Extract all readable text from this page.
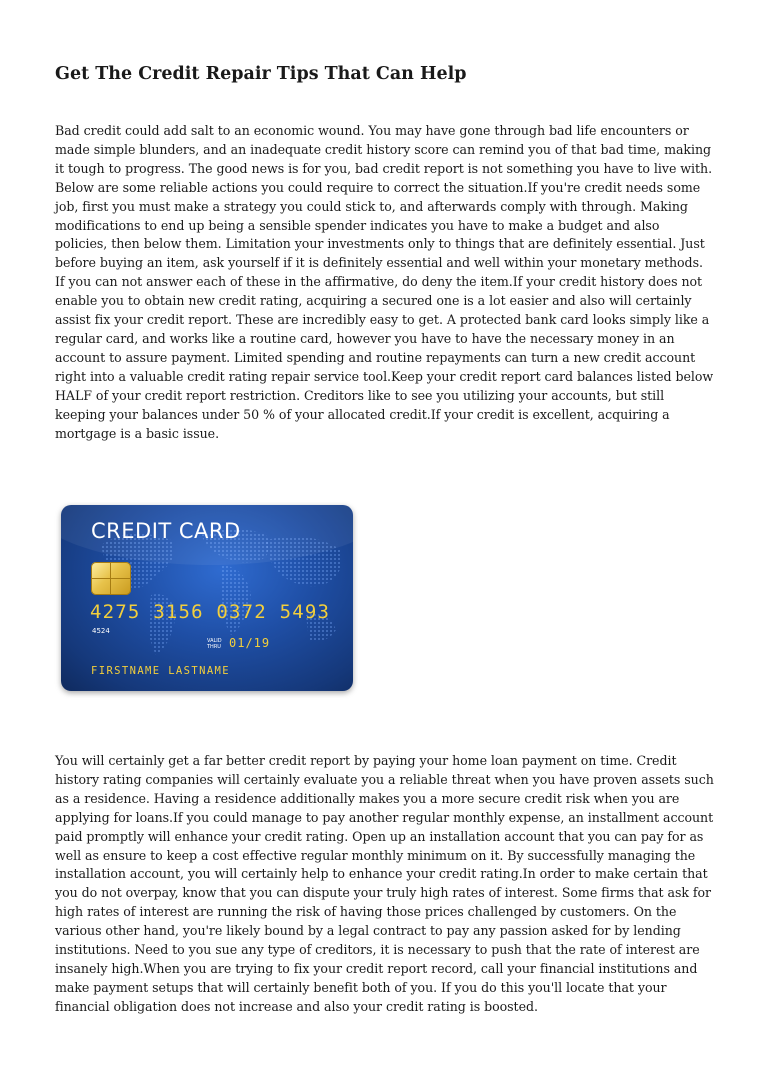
Get The Credit Repair Tips That Can Help

Bad credit could add salt to an economic wound. You may have gone through bad life encounters or made simple blunders, and an inadequate credit history score can remind you of that bad time, making it tough to progress. The good news is for you, bad credit report is not something you have to live with. Below are some reliable actions you could require to correct the situation.If you're credit needs some job, first you must make a strategy you could stick to, and afterwards comply with through. Making modifications to end up being a sensible spender indicates you have to make a budget and also policies, then below them. Limitation your investments only to things that are definitely essential. Just before buying an item, ask yourself if it is definitely essential and well within your monetary methods. If you can not answer each of these in the affirmative, do deny the item.If your credit history does not enable you to obtain new credit rating, acquiring a secured one is a lot easier and also will certainly assist fix your credit report. These are incredibly easy to get. A protected bank card looks simply like a regular card, and works like a routine card, however you have to have the necessary money in an account to assure payment. Limited spending and routine repayments can turn a new credit account right into a valuable credit rating repair service tool.Keep your credit report card balances listed below HALF of your credit report restriction. Creditors like to see you utilizing your accounts, but still keeping your balances under 50 % of your allocated credit.If your credit is excellent, acquiring a mortgage is a basic issue.

CREDIT CARD
4275 3156 0372 5493
4524
VALID THRU 01/19
FIRSTNAME LASTNAME

You will certainly get a far better credit report by paying your home loan payment on time. Credit history rating companies will certainly evaluate you a reliable threat when you have proven assets such as a residence. Having a residence additionally makes you a more secure credit risk when you are applying for loans.If you could manage to pay another regular monthly expense, an installment account paid promptly will enhance your credit rating. Open up an installation account that you can pay for as well as ensure to keep a cost effective regular monthly minimum on it. By successfully managing the installation account, you will certainly help to enhance your credit rating.In order to make certain that you do not overpay, know that you can dispute your truly high rates of interest. Some firms that ask for high rates of interest are running the risk of having those prices challenged by customers. On the various other hand, you're likely bound by a legal contract to pay any passion asked for by lending institutions. Need to you sue any type of creditors, it is necessary to push that the rate of interest are insanely high.When you are trying to fix your credit report record, call your financial institutions and make payment setups that will certainly benefit both of you. If you do this you'll locate that your financial obligation does not increase and also your credit rating is boosted.
